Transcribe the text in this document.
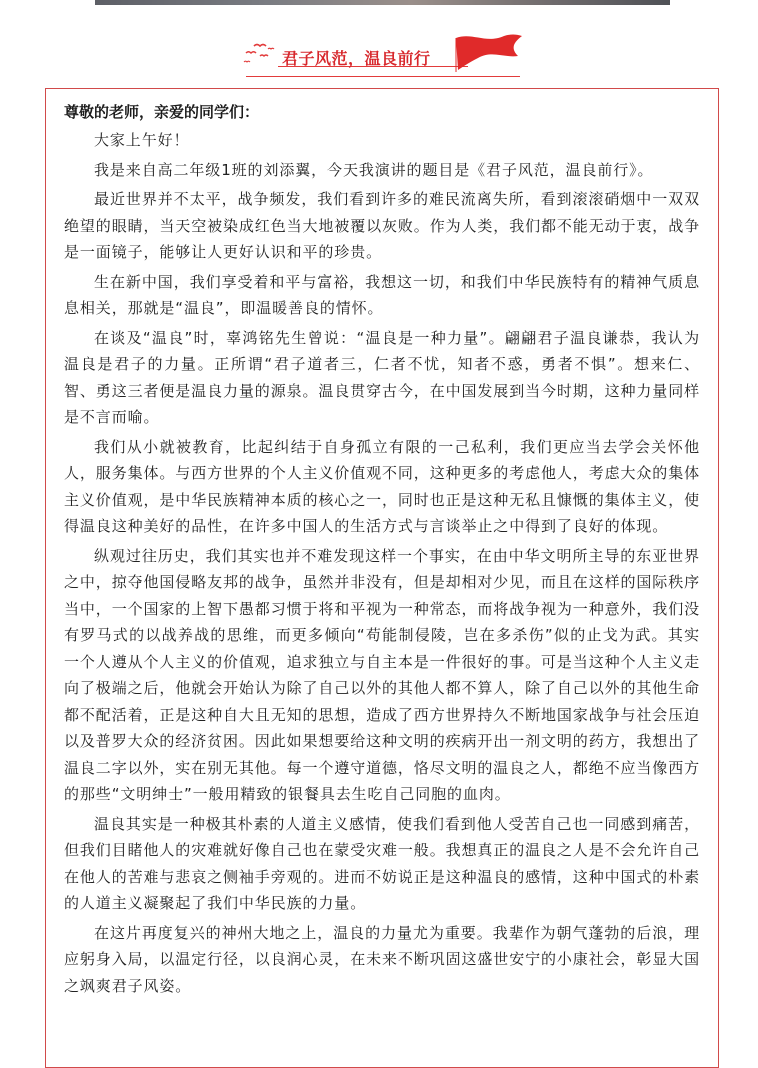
君子风范，温良前行

尊敬的老师，亲爱的同学们：

大家上午好！

我是来自高二年级1班的刘添翼，今天我演讲的题目是《君子风范，温良前行》。

最近世界并不太平，战争频发，我们看到许多的难民流离失所，看到滚滚硝烟中一双双绝望的眼睛，当天空被染成红色当大地被覆以灰败。作为人类，我们都不能无动于衷，战争是一面镜子，能够让人更好认识和平的珍贵。

生在新中国，我们享受着和平与富裕，我想这一切，和我们中华民族特有的精神气质息息相关，那就是“温良”，即温暖善良的情怀。

在谈及“温良”时，辜鸿铭先生曾说：“温良是一种力量”。翩翩君子温良谦恭，我认为温良是君子的力量。正所谓“君子道者三，仁者不忧，知者不惑，勇者不惧”。想来仁、智、勇这三者便是温良力量的源泉。温良贯穿古今，在中国发展到当今时期，这种力量同样是不言而喻。

我们从小就被教育，比起纠结于自身孤立有限的一己私利，我们更应当去学会关怀他人，服务集体。与西方世界的个人主义价值观不同，这种更多的考虑他人，考虑大众的集体主义价值观，是中华民族精神本质的核心之一，同时也正是这种无私且慷慨的集体主义，使得温良这种美好的品性，在许多中国人的生活方式与言谈举止之中得到了良好的体现。

纵观过往历史，我们其实也并不难发现这样一个事实，在由中华文明所主导的东亚世界之中，掠夺他国侵略友邦的战争，虽然并非没有，但是却相对少见，而且在这样的国际秩序当中，一个国家的上智下愚都习惯于将和平视为一种常态，而将战争视为一种意外，我们没有罗马式的以战养战的思维，而更多倾向“苟能制侵陵，岂在多杀伤”似的止戈为武。其实一个人遵从个人主义的价值观，追求独立与自主本是一件很好的事。可是当这种个人主义走向了极端之后，他就会开始认为除了自己以外的其他人都不算人，除了自己以外的其他生命都不配活着，正是这种自大且无知的思想，造成了西方世界持久不断地国家战争与社会压迫以及普罗大众的经济贫困。因此如果想要给这种文明的疾病开出一剂文明的药方，我想出了温良二字以外，实在别无其他。每一个遵守道德，恪尽文明的温良之人，都绝不应当像西方的那些“文明绅士”一般用精致的银餐具去生吃自己同胞的血肉。

温良其实是一种极其朴素的人道主义感情，使我们看到他人受苦自己也一同感到痛苦，但我们目睹他人的灾难就好像自己也在蒙受灾难一般。我想真正的温良之人是不会允许自己在他人的苦难与悲哀之侧袖手旁观的。进而不妨说正是这种温良的感情，这种中国式的朴素的人道主义凝聚起了我们中华民族的力量。

在这片再度复兴的神州大地之上，温良的力量尤为重要。我辈作为朝气蓬勃的后浪，理应躬身入局，以温定行径，以良润心灵，在未来不断巩固这盛世安宁的小康社会，彰显大国之飒爽君子风姿。
